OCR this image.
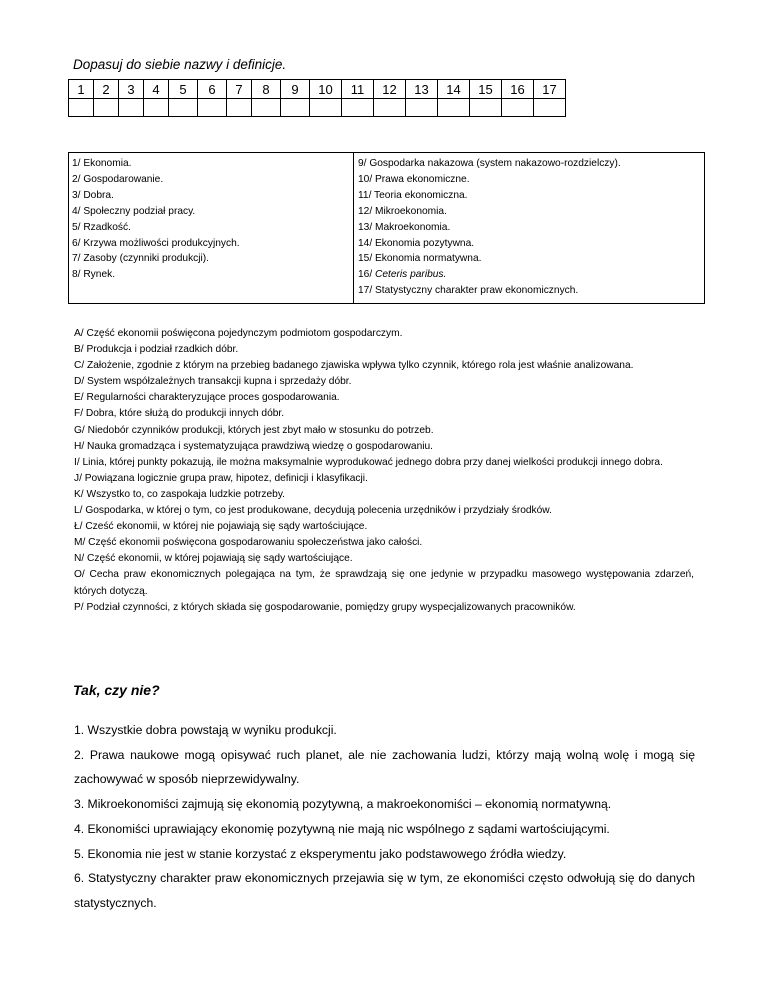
Dopasuj do siebie nazwy i definicje.
1	2	3	4	5	6	7	8	9	10	11	12	13	14	15	16	17

1/ Ekonomia.
2/ Gospodarowanie.
3/ Dobra.
4/ Społeczny podział pracy.
5/ Rzadkość.
6/ Krzywa możliwości produkcyjnych.
7/ Zasoby (czynniki produkcji).
8/ Rynek.
9/ Gospodarka nakazowa (system nakazowo-rozdzielczy).
10/ Prawa ekonomiczne.
11/ Teoria ekonomiczna.
12/ Mikroekonomia.
13/ Makroekonomia.
14/ Ekonomia pozytywna.
15/ Ekonomia normatywna.
16/ Ceteris paribus.
17/ Statystyczny charakter praw ekonomicznych.

A/ Część ekonomii poświęcona pojedynczym podmiotom gospodarczym.

B/ Produkcja i podział rzadkich dóbr.

C/ Założenie, zgodnie z którym na przebieg badanego zjawiska wpływa tylko czynnik, którego rola jest właśnie analizowana.

D/ System współzależnych transakcji kupna i sprzedaży dóbr.

E/ Regularności charakteryzujące proces gospodarowania.

F/ Dobra, które służą do produkcji innych dóbr.

G/ Niedobór czynników produkcji, których jest zbyt mało w stosunku do potrzeb.

H/ Nauka gromadząca i systematyzująca prawdziwą wiedzę o gospodarowaniu.

I/ Linia, której punkty pokazują, ile można maksymalnie wyprodukować jednego dobra przy danej wielkości produkcji innego dobra.

J/ Powiązana logicznie grupa praw, hipotez, definicji i klasyfikacji.

K/ Wszystko to, co zaspokaja ludzkie potrzeby.

L/ Gospodarka, w której o tym, co jest produkowane, decydują polecenia urzędników i przydziały środków.

Ł/ Cześć ekonomii, w której nie pojawiają się sądy wartościujące.

M/ Część ekonomii poświęcona gospodarowaniu społeczeństwa jako całości.

N/ Część ekonomii, w której pojawiają się sądy wartościujące.

O/ Cecha praw ekonomicznych polegająca na tym, że sprawdzają się one jedynie w przypadku masowego występowania zdarzeń, których dotyczą.

P/ Podział czynności, z których składa się gospodarowanie, pomiędzy grupy wyspecjalizowanych pracowników.

Tak, czy nie?

1. Wszystkie dobra powstają w wyniku produkcji.

2. Prawa naukowe mogą opisywać ruch planet, ale nie zachowania ludzi, którzy mają wolną wolę i mogą się zachowywać w sposób nieprzewidywalny.

3. Mikroekonomiści zajmują się ekonomią pozytywną, a makroekonomiści – ekonomią normatywną.

4. Ekonomiści uprawiający ekonomię pozytywną nie mają nic wspólnego z sądami wartościującymi.

5. Ekonomia nie jest w stanie korzystać z eksperymentu jako podstawowego źródła wiedzy.

6. Statystyczny charakter praw ekonomicznych przejawia się w tym, ze ekonomiści często odwołują się do danych statystycznych.
